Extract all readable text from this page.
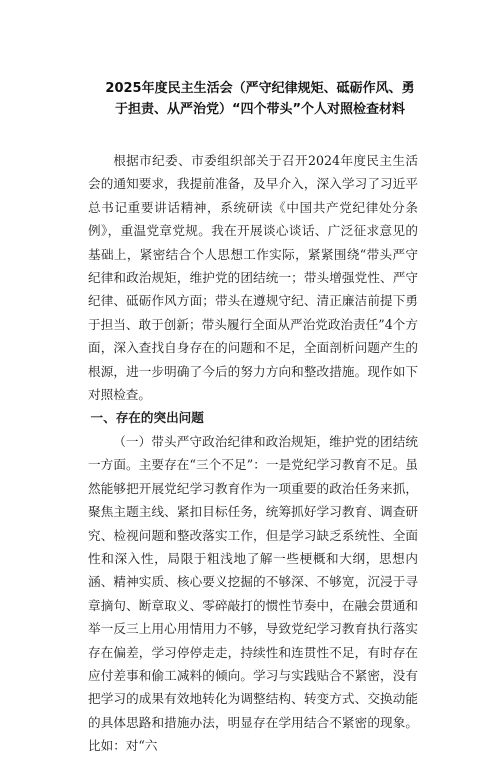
2025年度民主生活会（严守纪律规矩、砥砺作风、勇于担责、从严治党）“四个带头”个人对照检查材料

根据市纪委、市委组织部关于召开2024年度民主生活会的通知要求，我提前准备，及早介入，深入学习了习近平总书记重要讲话精神，系统研读《中国共产党纪律处分条例》，重温党章党规。我在开展谈心谈话、广泛征求意见的基础上，紧密结合个人思想工作实际，紧紧围绕“带头严守纪律和政治规矩，维护党的团结统一；带头增强党性、严守纪律、砥砺作风方面；带头在遵规守纪、清正廉洁前提下勇于担当、敢于创新；带头履行全面从严治党政治责任”4个方面，深入查找自身存在的问题和不足，全面剖析问题产生的根源，进一步明确了今后的努力方向和整改措施。现作如下对照检查。

一、存在的突出问题

（一）带头严守政治纪律和政治规矩，维护党的团结统一方面。主要存在“三个不足”：一是党纪学习教育不足。虽然能够把开展党纪学习教育作为一项重要的政治任务来抓，聚焦主题主线、紧扣目标任务，统筹抓好学习教育、调查研究、检视问题和整改落实工作，但是学习缺乏系统性、全面性和深入性，局限于粗浅地了解一些梗概和大纲，思想内涵、精神实质、核心要义挖掘的不够深、不够宽，沉浸于寻章摘句、断章取义、零碎敲打的惯性节奏中，在融会贯通和举一反三上用心用情用力不够，导致党纪学习教育执行落实存在偏差，学习停停走走，持续性和连贯性不足，有时存在应付差事和偷工减料的倾向。学习与实践贴合不紧密，没有把学习的成果有效地转化为调整结构、转变方式、交换动能的具体思路和措施办法，明显存在学用结合不紧密的现象。比如：对“六
